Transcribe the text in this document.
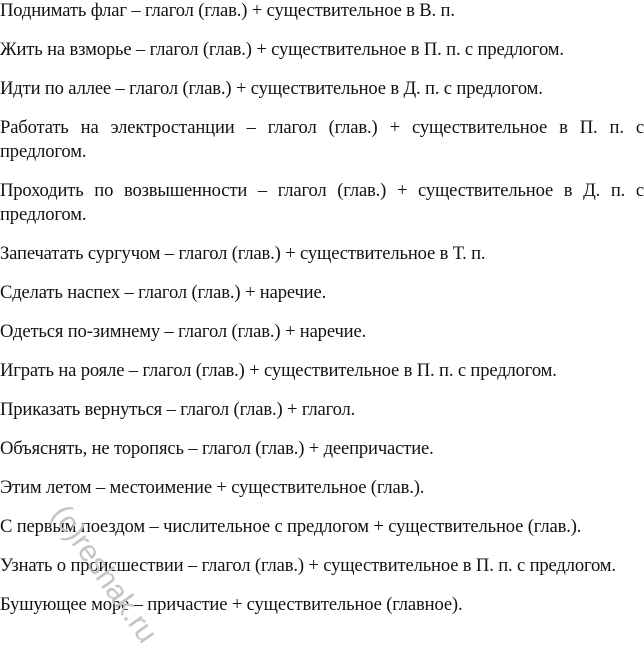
Поднимать флаг – глагол (глав.) + существительное в В. п.

Жить на взморье – глагол (глав.) + существительное в П. п. с предлогом.

Идти по аллее – глагол (глав.) + существительное в Д. п. с предлогом.

Работать на электростанции – глагол (глав.) + существительное в П. п. с предлогом.

Проходить по возвышенности – глагол (глав.) + существительное в Д. п. с предлогом.

Запечатать сургучом – глагол (глав.) + существительное в Т. п.

Сделать наспех – глагол (глав.) + наречие.

Одеться по-зимнему – глагол (глав.) + наречие.

Играть на рояле – глагол (глав.) + существительное в П. п. с предлогом.

Приказать вернуться – глагол (глав.) + глагол.

Объяснять, не торопясь – глагол (глав.) + деепричастие.

Этим летом – местоимение + существительное (глав.).

С первым поездом – числительное с предлогом + существительное (глав.).

Узнать о происшествии – глагол (глав.) + существительное в П. п. с предлогом.

Бушующее море – причастие + существительное (главное).

(c)reshak.ru
